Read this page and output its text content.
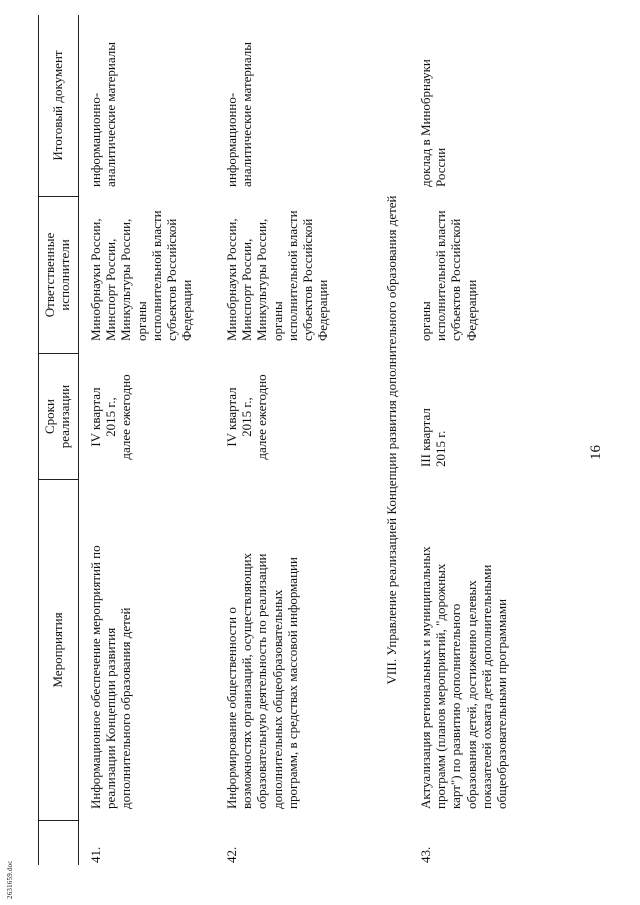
16
Мероприятия
Сроки реализации
Ответственные исполнители
Итоговый документ
41.
Информационное обеспечение мероприятий по реализации Концепции развития дополнительного образования детей
IV квартал 2015 г., далее ежегодно
Минобрнауки России, Минспорт России, Минкультуры России, органы исполнительной власти субъектов Российской Федерации
информационно- аналитические материалы
42.
Информирование общественности о возможностях организаций, осуществляющих образовательную деятельность по реализации дополнительных общеобразовательных программ, в средствах массовой информации
IV квартал 2015 г., далее ежегодно
Минобрнауки России, Минспорт России, Минкультуры России, органы исполнительной власти субъектов Российской Федерации
информационно- аналитические материалы
VIII. Управление реализацией Концепции развития дополнительного образования детей
43.
Актуализация региональных и муниципальных программ (планов мероприятий, "дорожных карт") по развитию дополнительного образования детей, достижению целевых показателей охвата детей дополнительными общеобразовательными программами
III квартал 2015 г.
органы исполнительной власти субъектов Российской Федерации
доклад в Минобрнауки России
2631659.doc
